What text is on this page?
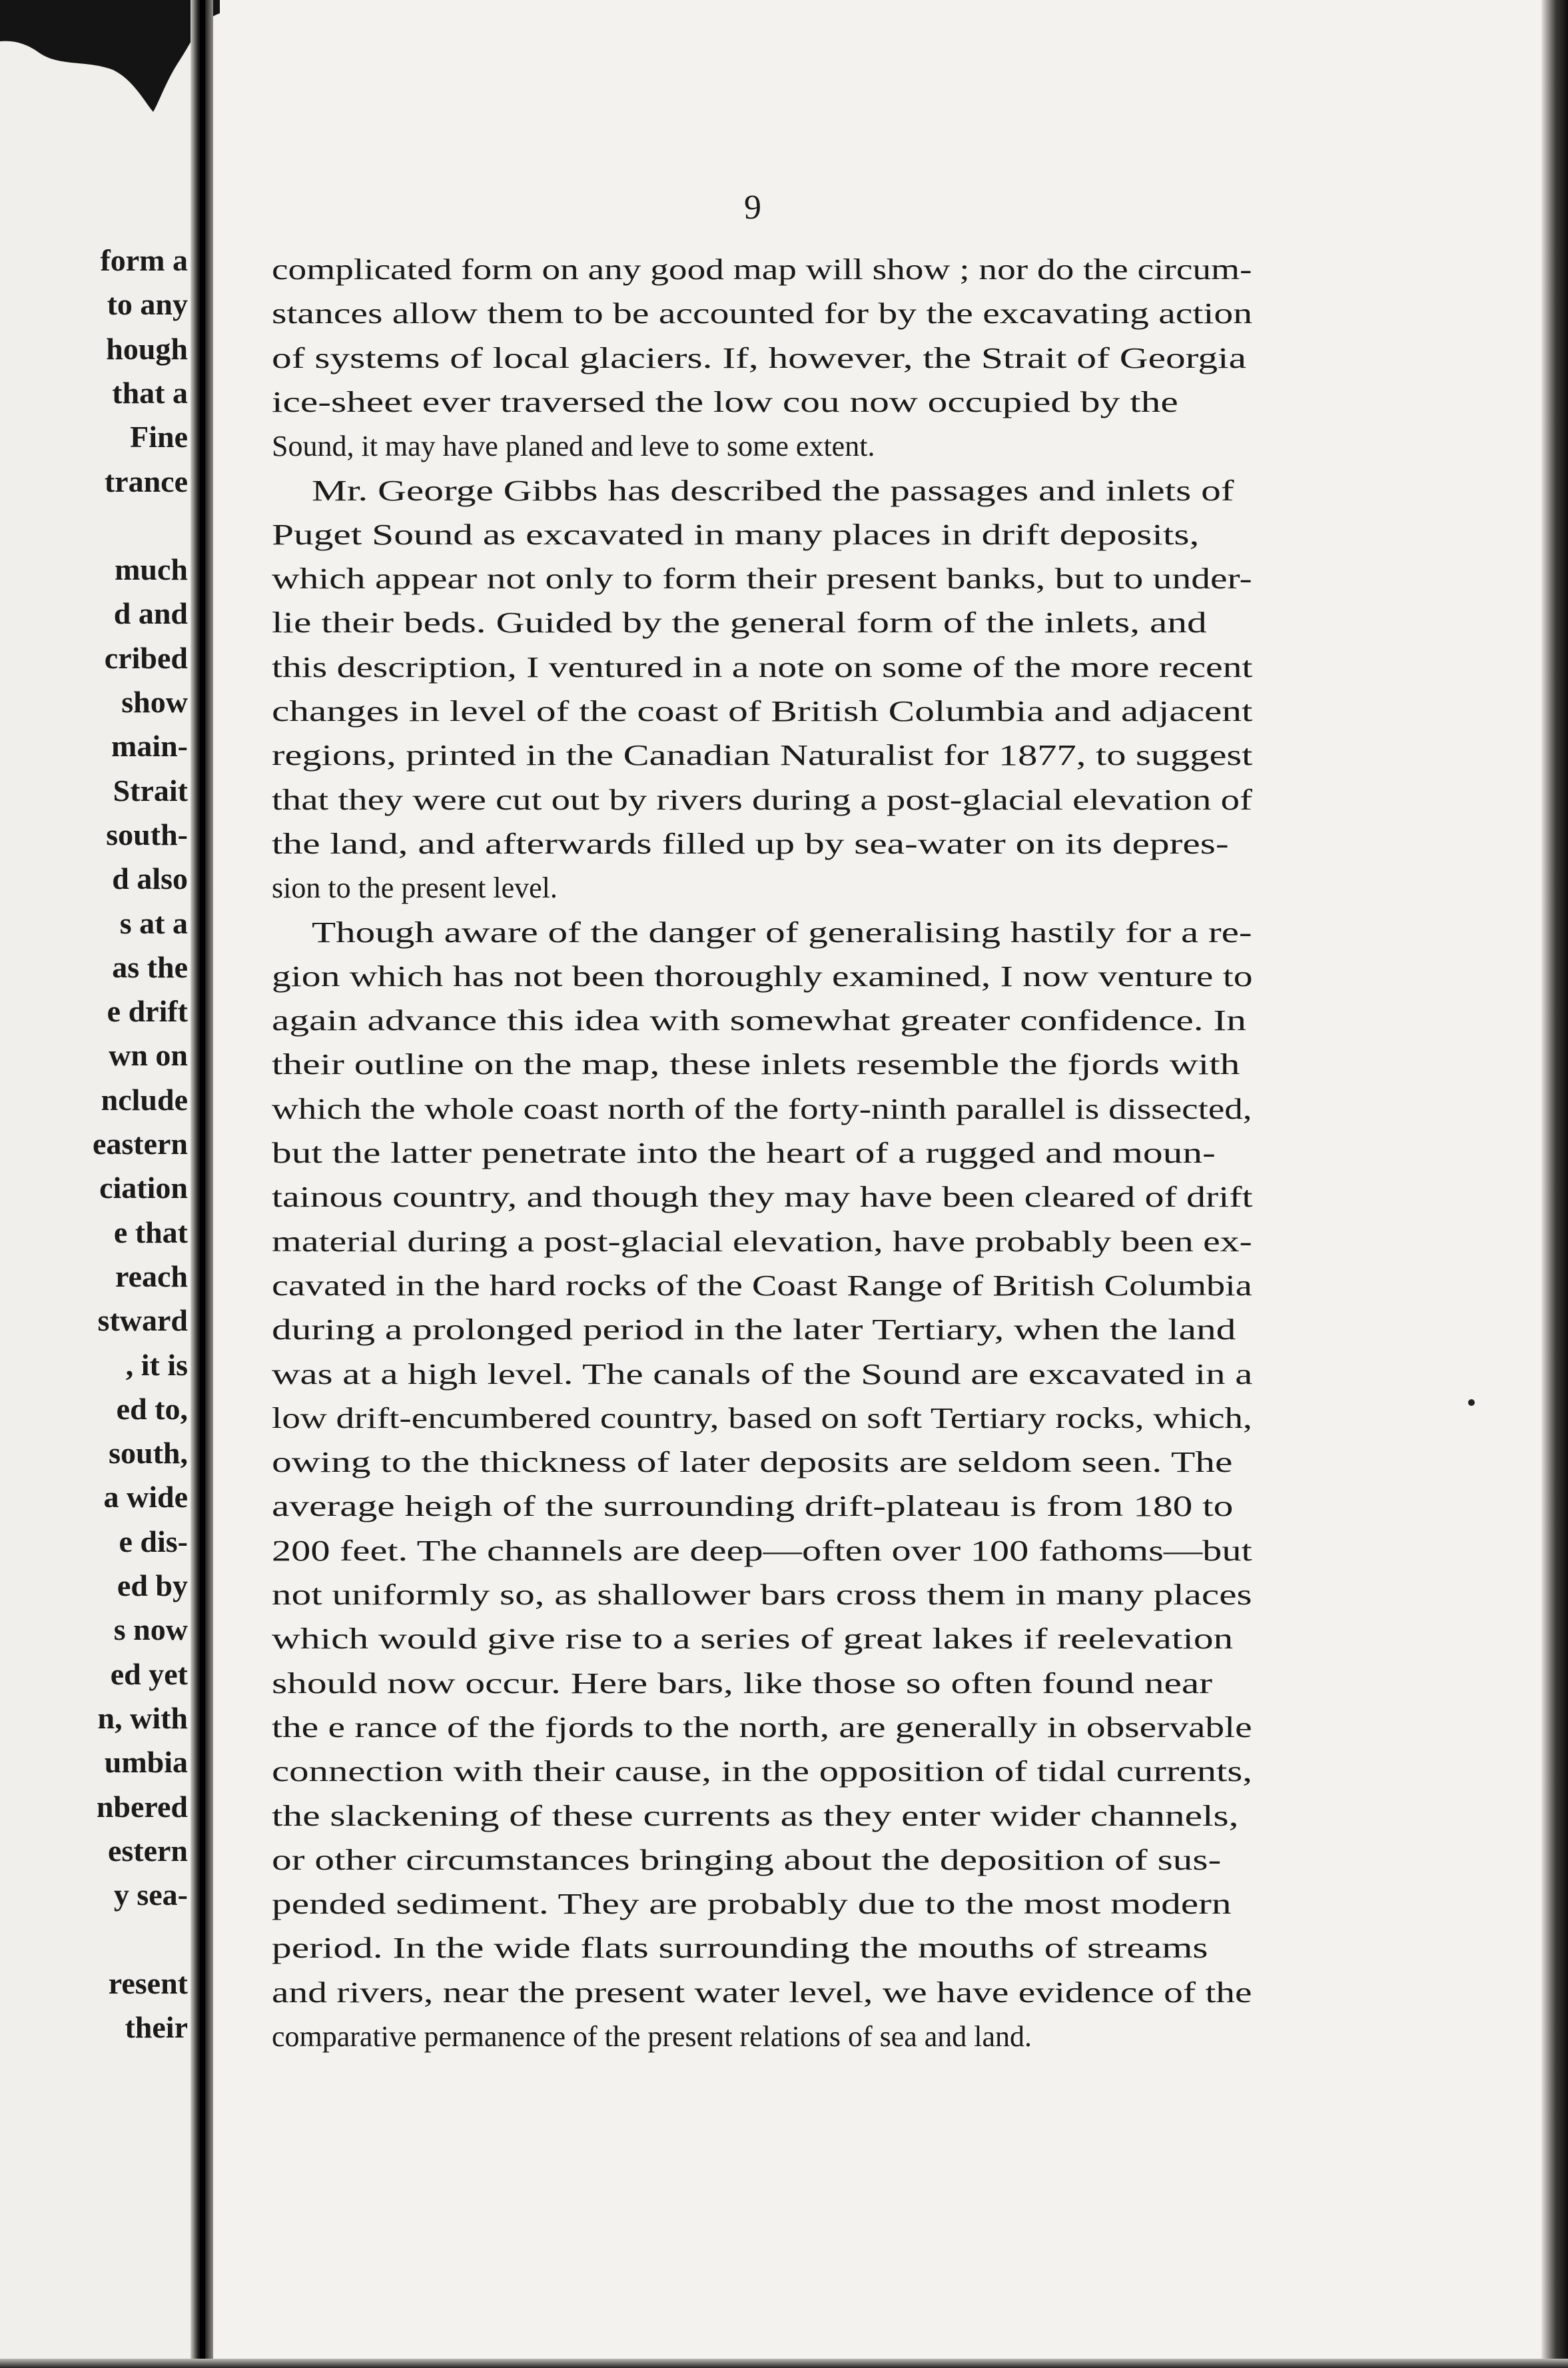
form a
to any
hough
that a
Fine
trance
much
d and
cribed
show
main-
Strait
south-
d also
s at a
as the
e drift
wn on
nclude
eastern
ciation
e that
reach
stward
, it is
ed to,
south,
a wide
e dis-
ed by
s now
ed yet
n, with
umbia
nbered
estern
y sea-
resent
their
9
complicated form on any good map will show ; nor do the circum-
stances allow them to be accounted for by the excavating action
of systems of local glaciers. If, however, the Strait of Georgia
ice-sheet ever traversed the low cou now occupied by the
Sound, it may have planed and leve to some extent.
Mr. George Gibbs has described the passages and inlets of
Puget Sound as excavated in many places in drift deposits,
which appear not only to form their present banks, but to under-
lie their beds. Guided by the general form of the inlets, and
this description, I ventured in a note on some of the more recent
changes in level of the coast of British Columbia and adjacent
regions, printed in the Canadian Naturalist for 1877, to suggest
that they were cut out by rivers during a post-glacial elevation of
the land, and afterwards filled up by sea-water on its depres-
sion to the present level.
Though aware of the danger of generalising hastily for a re-
gion which has not been thoroughly examined, I now venture to
again advance this idea with somewhat greater confidence. In
their outline on the map, these inlets resemble the fjords with
which the whole coast north of the forty-ninth parallel is dissected,
but the latter penetrate into the heart of a rugged and moun-
tainous country, and though they may have been cleared of drift
material during a post-glacial elevation, have probably been ex-
cavated in the hard rocks of the Coast Range of British Columbia
during a prolonged period in the later Tertiary, when the land
was at a high level. The canals of the Sound are excavated in a
low drift-encumbered country, based on soft Tertiary rocks, which,
owing to the thickness of later deposits are seldom seen. The
average heigh of the surrounding drift-plateau is from 180 to
200 feet. The channels are deep—often over 100 fathoms—but
not uniformly so, as shallower bars cross them in many places
which would give rise to a series of great lakes if reelevation
should now occur. Here bars, like those so often found near
the e rance of the fjords to the north, are generally in observable
connection with their cause, in the opposition of tidal currents,
the slackening of these currents as they enter wider channels,
or other circumstances bringing about the deposition of sus-
pended sediment. They are probably due to the most modern
period. In the wide flats surrounding the mouths of streams
and rivers, near the present water level, we have evidence of the
comparative permanence of the present relations of sea and land.
